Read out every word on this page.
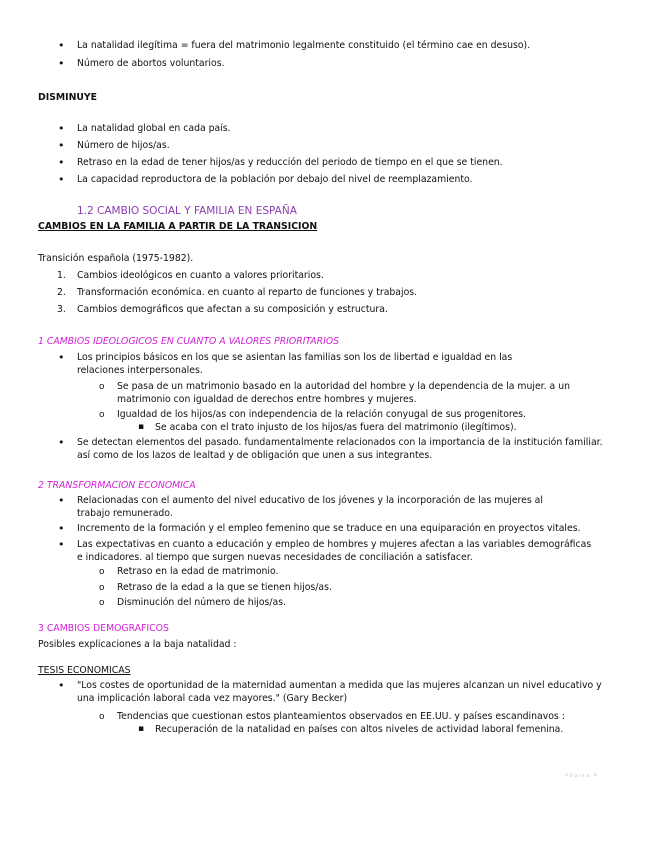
• La natalidad ilegítima = fuera del matrimonio legalmente constituido (el término cae en desuso).
• Número de abortos voluntarios.
DISMINUYE
• La natalidad global en cada país.
• Número de hijos/as.
• Retraso en la edad de tener hijos/as y reducción del periodo de tiempo en el que se tienen.
• La capacidad reproductora de la población por debajo del nivel de reemplazamiento.
1.2 CAMBIO SOCIAL Y FAMILIA EN ESPAÑA
CAMBIOS EN LA FAMILIA A PARTIR DE LA TRANSICION
Transición española (1975-1982).
1. Cambios ideológicos en cuanto a valores prioritarios.
2. Transformación económica. en cuanto al reparto de funciones y trabajos.
3. Cambios demográficos que afectan a su composición y estructura.
1 CAMBIOS IDEOLOGICOS EN CUANTO A VALORES PRIORITARIOS
• Los principios básicos en los que se asientan las familias son los de libertad e igualdad en las relaciones interpersonales.
o Se pasa de un matrimonio basado en la autoridad del hombre y la dependencia de la mujer. a un matrimonio con igualdad de derechos entre hombres y mujeres.
o Igualdad de los hijos/as con independencia de la relación conyugal de sus progenitores.
▪ Se acaba con el trato injusto de los hijos/as fuera del matrimonio (ilegítimos).
• Se detectan elementos del pasado. fundamentalmente relacionados con la importancia de la institución familiar. así como de los lazos de lealtad y de obligación que unen a sus integrantes.
2 TRANSFORMACION ECONOMICA
• Relacionadas con el aumento del nivel educativo de los jóvenes y la incorporación de las mujeres al trabajo remunerado.
• Incremento de la formación y el empleo femenino que se traduce en una equiparación en proyectos vitales.
• Las expectativas en cuanto a educación y empleo de hombres y mujeres afectan a las variables demográficas e indicadores. al tiempo que surgen nuevas necesidades de conciliación a satisfacer.
o Retraso en la edad de matrimonio.
o Retraso de la edad a la que se tienen hijos/as.
o Disminución del número de hijos/as.
3 CAMBIOS DEMOGRAFICOS
Posibles explicaciones a la baja natalidad :
TESIS ECONOMICAS
• "Los costes de oportunidad de la maternidad aumentan a medida que las mujeres alcanzan un nivel educativo y una implicación laboral cada vez mayores." (Gary Becker)
o Tendencias que cuestionan estos planteamientos observados en EE.UU. y países escandinavos :
▪ Recuperación de la natalidad en países con altos niveles de actividad laboral femenina.
Página 4
